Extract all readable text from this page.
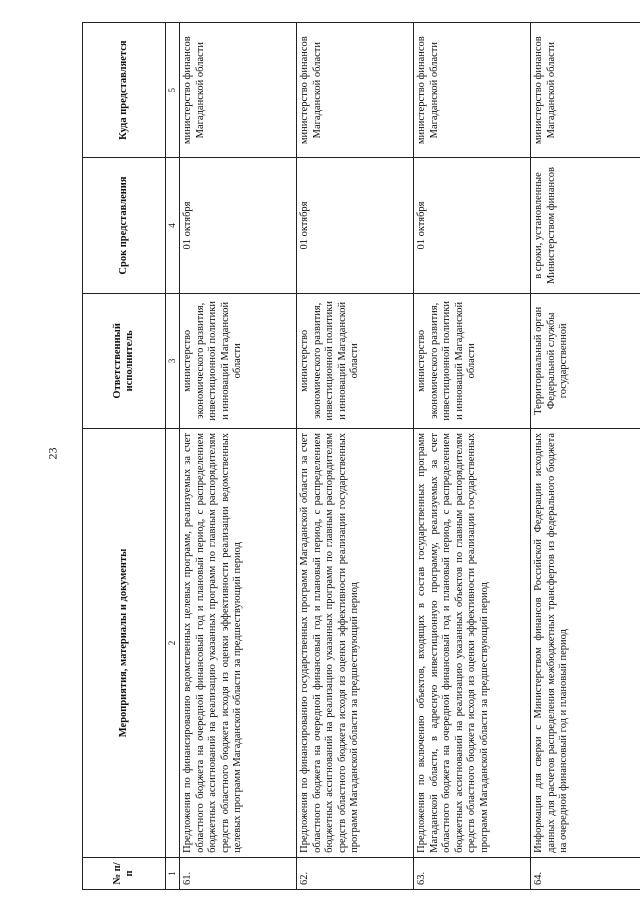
23
№ п/п	Мероприятия, материалы и документы	Ответственный исполнитель	Срок представления	Куда представляется
1	2	3	4	5
61.	Предложения по финансированию ведомственных целевых программ, реализуемых за счет областного бюджета на очередной финансовый год и плановый период, с распределением бюджетных ассигнований на реализацию указанных программ по главным распорядителям средств областного бюджета исходя из оценки эффективности реализации ведомственных целевых программ Магаданской области за предшествующий период	министерство экономического развития, инвестиционной политики и инноваций Магаданской области	01 октября	министерство финансов Магаданской области
62.	Предложения по финансированию государственных программ Магаданской области за счет областного бюджета на очередной финансовый год и плановый период, с распределением бюджетных ассигнований на реализацию указанных программ по главным распорядителям средств областного бюджета исходя из оценки эффективности реализации государственных программ Магаданской области за предшествующий период	министерство экономического развития, инвестиционной политики и инноваций Магаданской области	01 октября	министерство финансов Магаданской области
63.	Предложения по включению объектов, входящих в состав государственных программ Магаданской области, в адресную инвестиционную программу, реализуемых за счет областного бюджета на очередной финансовый год и плановый период, с распределением бюджетных ассигнований на реализацию указанных объектов по главным распорядителям средств областного бюджета исходя из оценки эффективности реализации государственных программ Магаданской области за предшествующий период	министерство экономического развития, инвестиционной политики и инноваций Магаданской области	01 октября	министерство финансов Магаданской области
64.	Информация для сверки с Министерством финансов Российской Федерации исходных данных для расчетов распределения межбюджетных трансфертов из федерального бюджета на очередной финансовый год и плановый период	Территориальный орган Федеральной службы государственной	в сроки, установленные Министерством финансов	министерство финансов Магаданской области
